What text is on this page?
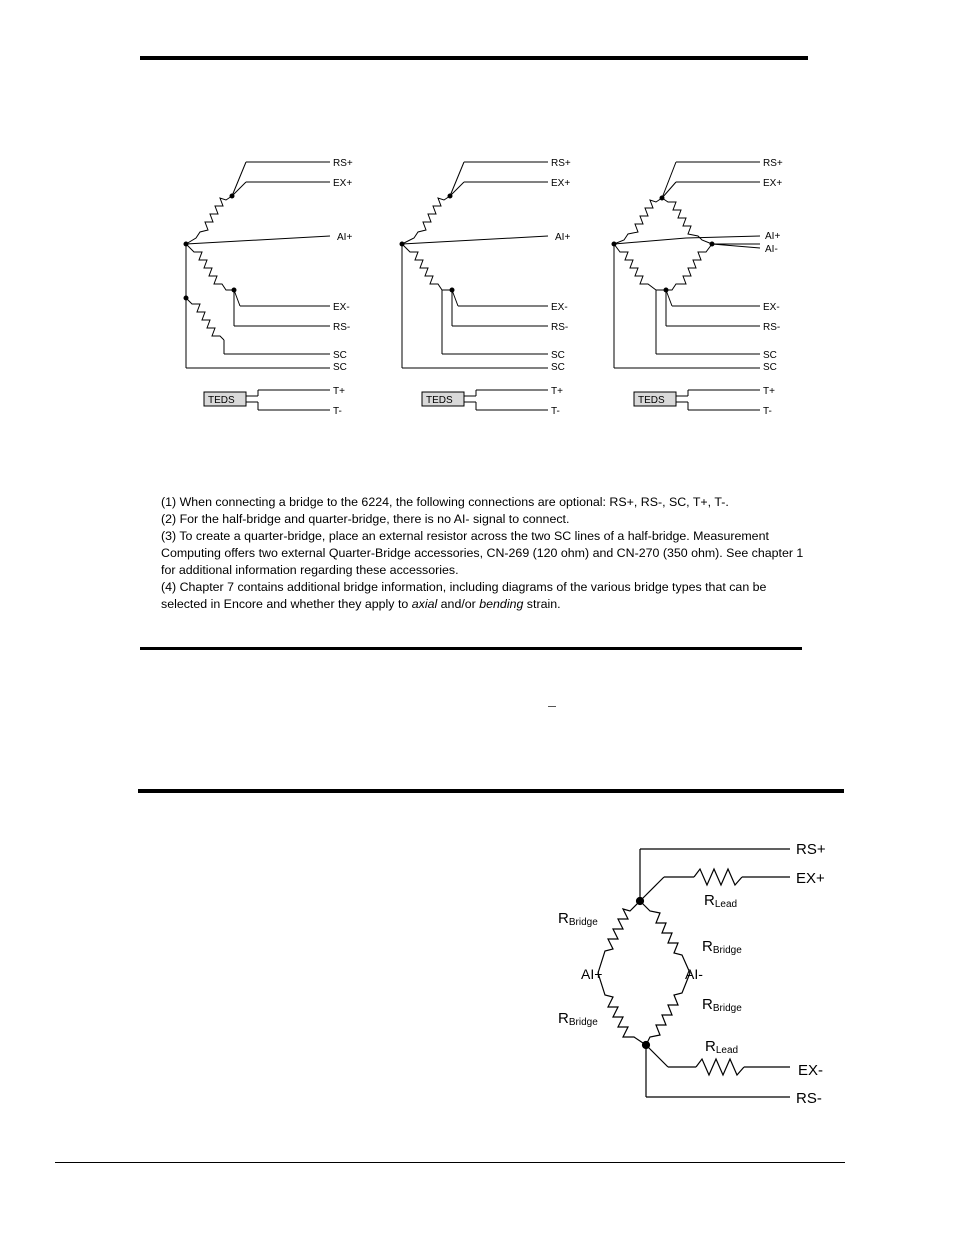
RS+
EX+
AI+
EX-
RS-
SC
SC
T+
T-
TEDS
RS+
EX+
AI+
EX-
RS-
SC
SC
T+
T-
TEDS
RS+
EX+
AI+
AI-
EX-
RS-
SC
SC
T+
T-
TEDS

(1) When connecting a bridge to the 6224, the following connections are optional: RS+, RS-, SC, T+, T-.

(2) For the half-bridge and quarter-bridge, there is no AI- signal to connect.

(3) To create a quarter-bridge, place an external resistor across the two SC lines of a half-bridge. Measurement Computing offers two external Quarter-Bridge accessories, CN-269 (120 ohm) and CN-270 (350 ohm). See chapter 1 for additional information regarding these accessories.

(4) Chapter 7 contains additional bridge information, including diagrams of the various bridge types that can be selected in Encore and whether they apply to axial and/or bending strain.

RS+
EX+
EX-
RS-
AI+	AI-
RLead
RLead
RBridge
RBridge
RBridge
RBridge
